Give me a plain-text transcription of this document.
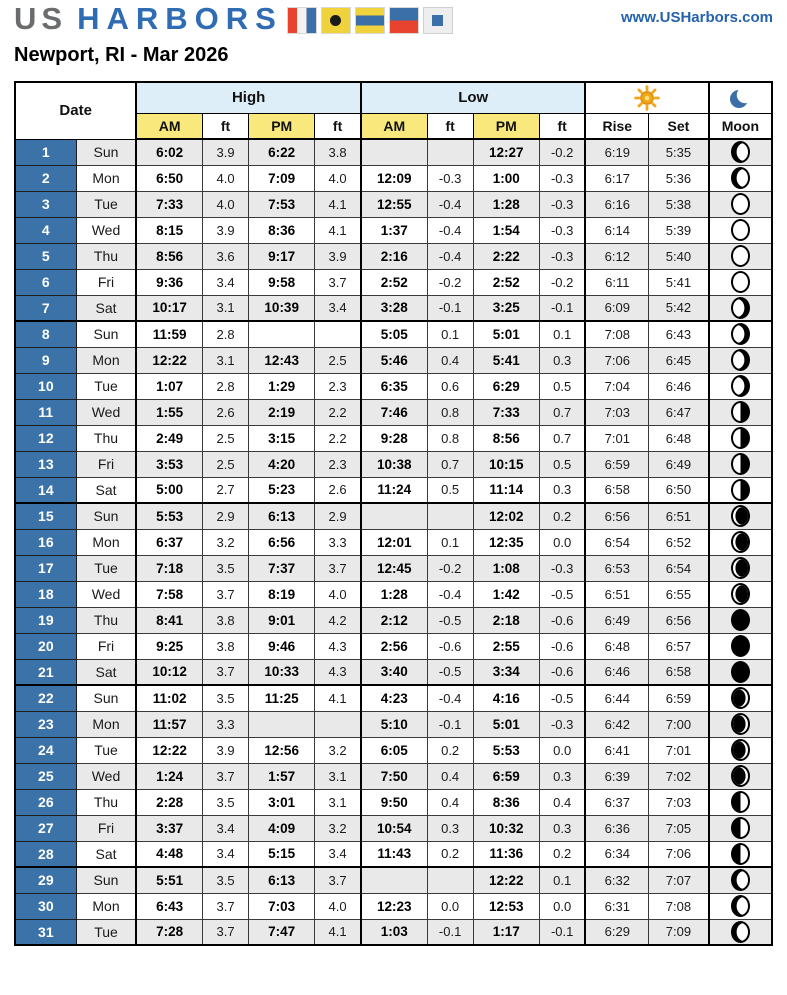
US HARBORS	www.USHarbors.com
Newport, RI - Mar 2026
Date		High				Low	

		AM	ft	PM	ft	AM	ft	PM	ft	Rise	Set	Moon
1	Sun	6:02	3.9	6:22	3.8			12:27	-0.2	6:19	5:35	
2	Mon	6:50	4.0	7:09	4.0	12:09	-0.3	1:00	-0.3	6:17	5:36	
3	Tue	7:33	4.0	7:53	4.1	12:55	-0.4	1:28	-0.3	6:16	5:38	
4	Wed	8:15	3.9	8:36	4.1	1:37	-0.4	1:54	-0.3	6:14	5:39	
5	Thu	8:56	3.6	9:17	3.9	2:16	-0.4	2:22	-0.3	6:12	5:40	
6	Fri	9:36	3.4	9:58	3.7	2:52	-0.2	2:52	-0.2	6:11	5:41	
7	Sat	10:17	3.1	10:39	3.4	3:28	-0.1	3:25	-0.1	6:09	5:42	
8	Sun	11:59	2.8			5:05	0.1	5:01	0.1	7:08	6:43	
9	Mon	12:22	3.1	12:43	2.5	5:46	0.4	5:41	0.3	7:06	6:45	
10	Tue	1:07	2.8	1:29	2.3	6:35	0.6	6:29	0.5	7:04	6:46	
11	Wed	1:55	2.6	2:19	2.2	7:46	0.8	7:33	0.7	7:03	6:47	
12	Thu	2:49	2.5	3:15	2.2	9:28	0.8	8:56	0.7	7:01	6:48	
13	Fri	3:53	2.5	4:20	2.3	10:38	0.7	10:15	0.5	6:59	6:49	
14	Sat	5:00	2.7	5:23	2.6	11:24	0.5	11:14	0.3	6:58	6:50	
15	Sun	5:53	2.9	6:13	2.9			12:02	0.2	6:56	6:51	
16	Mon	6:37	3.2	6:56	3.3	12:01	0.1	12:35	0.0	6:54	6:52	
17	Tue	7:18	3.5	7:37	3.7	12:45	-0.2	1:08	-0.3	6:53	6:54	
18	Wed	7:58	3.7	8:19	4.0	1:28	-0.4	1:42	-0.5	6:51	6:55	
19	Thu	8:41	3.8	9:01	4.2	2:12	-0.5	2:18	-0.6	6:49	6:56	
20	Fri	9:25	3.8	9:46	4.3	2:56	-0.6	2:55	-0.6	6:48	6:57	
21	Sat	10:12	3.7	10:33	4.3	3:40	-0.5	3:34	-0.6	6:46	6:58	
22	Sun	11:02	3.5	11:25	4.1	4:23	-0.4	4:16	-0.5	6:44	6:59	
23	Mon	11:57	3.3			5:10	-0.1	5:01	-0.3	6:42	7:00	
24	Tue	12:22	3.9	12:56	3.2	6:05	0.2	5:53	0.0	6:41	7:01	
25	Wed	1:24	3.7	1:57	3.1	7:50	0.4	6:59	0.3	6:39	7:02	
26	Thu	2:28	3.5	3:01	3.1	9:50	0.4	8:36	0.4	6:37	7:03	
27	Fri	3:37	3.4	4:09	3.2	10:54	0.3	10:32	0.3	6:36	7:05	
28	Sat	4:48	3.4	5:15	3.4	11:43	0.2	11:36	0.2	6:34	7:06	
29	Sun	5:51	3.5	6:13	3.7			12:22	0.1	6:32	7:07	
30	Mon	6:43	3.7	7:03	4.0	12:23	0.0	12:53	0.0	6:31	7:08	
31	Tue	7:28	3.7	7:47	4.1	1:03	-0.1	1:17	-0.1	6:29	7:09	
